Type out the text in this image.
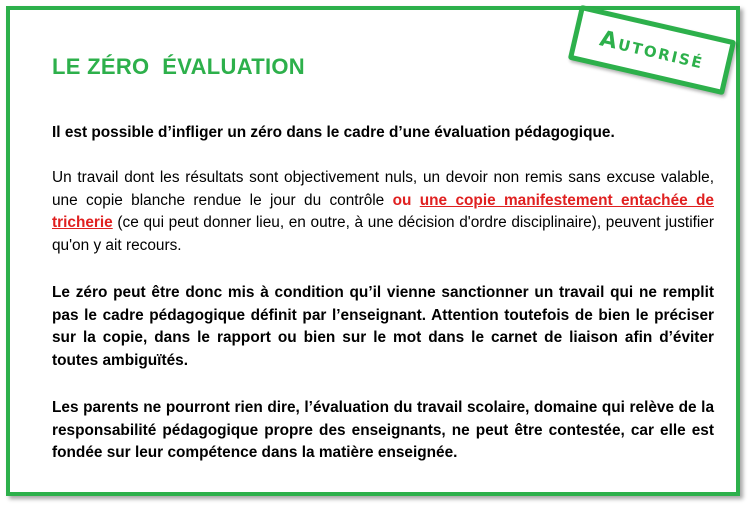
LE ZÉRO  ÉVALUATION	Autorisé
Il est possible d’infliger un zéro dans le cadre d’une évaluation pédagogique.
Un travail dont les résultats sont objectivement nuls, un devoir non remis sans excuse valable, une copie blanche rendue le jour du contrôle ou une copie manifestement entachée de tricherie (ce qui peut donner lieu, en outre, à une décision d'ordre disciplinaire), peuvent justifier qu'on y ait recours.
Le zéro peut être donc mis à condition qu’il vienne sanctionner un travail qui ne remplit pas le cadre pédagogique définit par l’enseignant. Attention toutefois de bien le préciser sur la copie, dans le rapport ou bien sur le mot dans le carnet de liaison afin d’éviter toutes ambiguïtés.
Les parents ne pourront rien dire, l’évaluation du travail scolaire, domaine qui relève de la responsabilité pédagogique propre des enseignants, ne peut être contestée, car elle est fondée sur leur compétence dans la matière enseignée.
